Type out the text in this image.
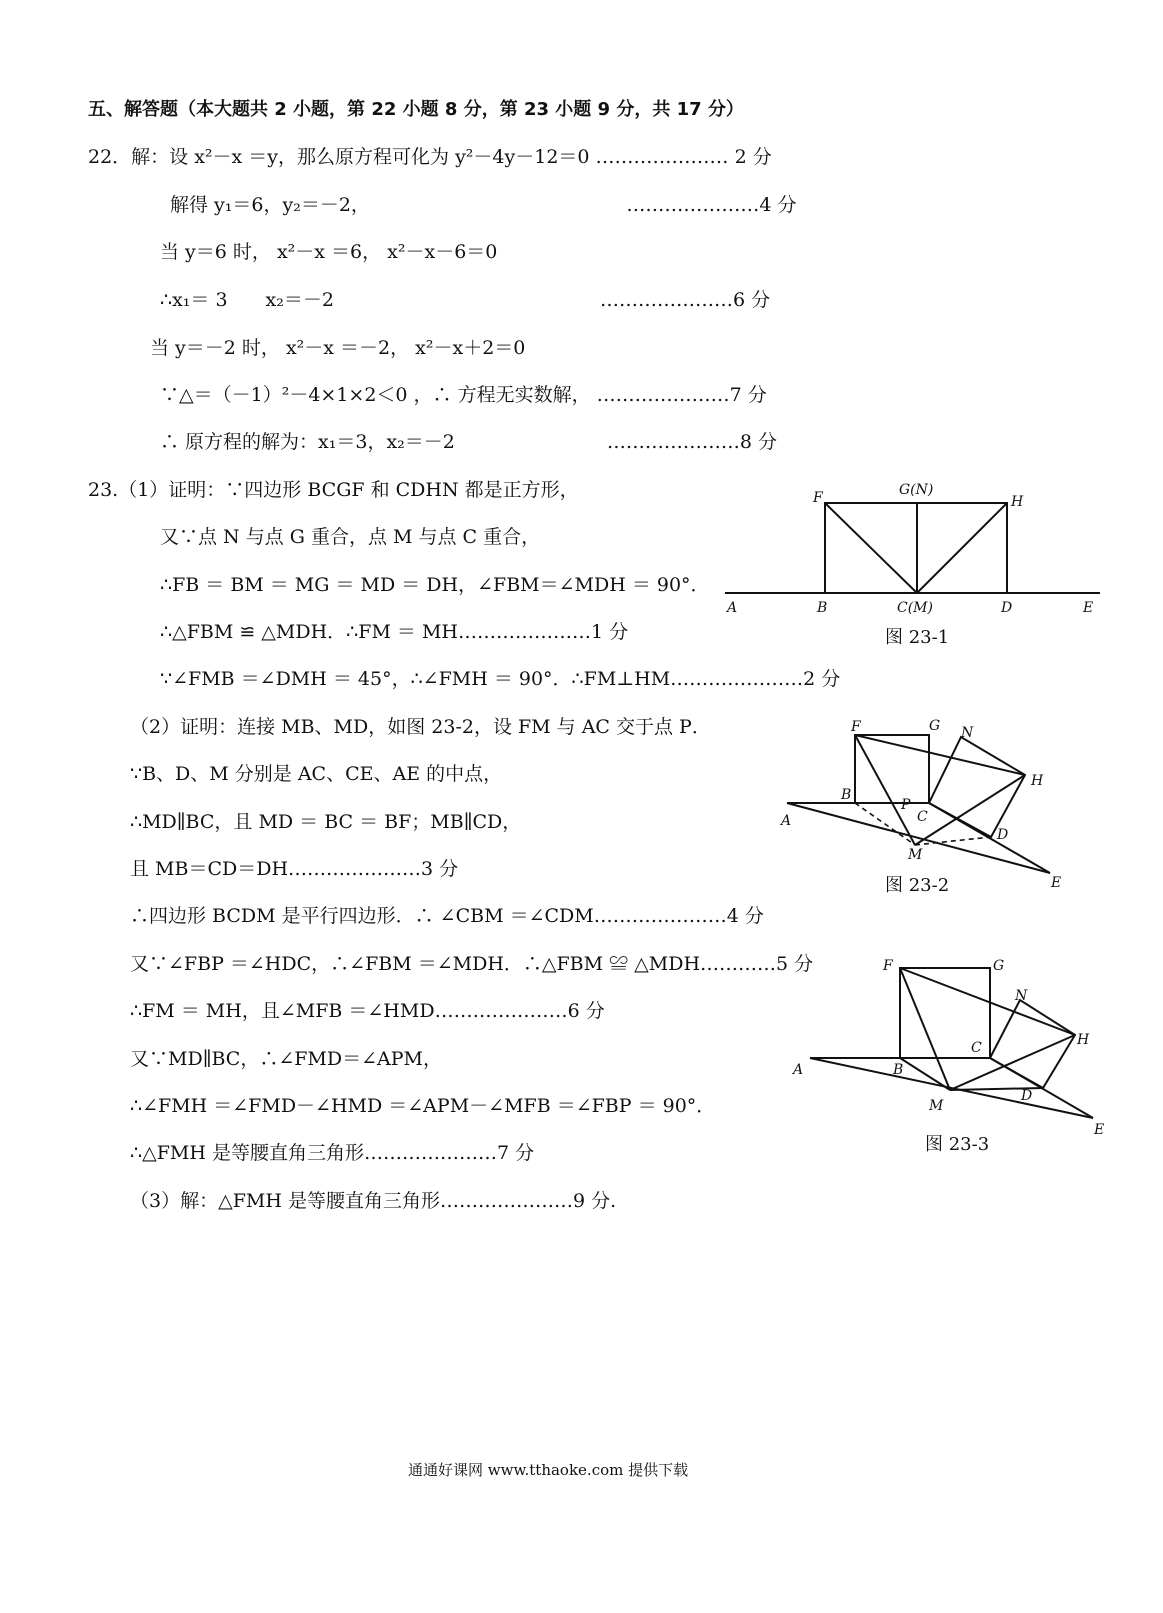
五、解答题（本大题共 2 小题，第 22 小题 8 分，第 23 小题 9 分，共 17 分）
22．解：设 x²－x ＝y，那么原方程可化为 y²－4y－12＝0 ………………… 2 分
解得 y₁＝6，y₂＝－2，　　　　　　　　　　　　　　…………………4 分
当 y＝6 时， x²－x ＝6， x²－x－6＝0
∴x₁＝ 3　　x₂＝－2　　　　　　　　　　　　　　…………………6 分
当 y＝－2 时， x²－x ＝－2， x²－x＋2＝0
∵△＝（－1）²－4×1×2＜0 ，∴ 方程无实数解， …………………7 分
∴ 原方程的解为：x₁＝3，x₂＝－2　　　　　　　　…………………8 分
23.（1）证明：∵四边形 BCGF 和 CDHN 都是正方形，
又∵点 N 与点 G 重合，点 M 与点 C 重合，
∴FB ＝ BM ＝ MG ＝ MD ＝ DH，∠FBM＝∠MDH ＝ 90°．
∴△FBM ≌ △MDH．∴FM ＝ MH…………………1 分
∵∠FMB ＝∠DMH ＝ 45°，∴∠FMH ＝ 90°．∴FM⊥HM…………………2 分
（2）证明：连接 MB、MD，如图 23-2，设 FM 与 AC 交于点 P．
∵B、D、M 分别是 AC、CE、AE 的中点，
∴MD∥BC，且 MD ＝ BC ＝ BF；MB∥CD，
且 MB＝CD＝DH…………………3 分
∴四边形 BCDM 是平行四边形．∴ ∠CBM ＝∠CDM…………………4 分
又∵∠FBP ＝∠HDC，∴∠FBM ＝∠MDH．∴△FBM ≌ △MDH…………5 分
∴FM ＝ MH，且∠MFB ＝∠HMD…………………6 分
又∵MD∥BC，∴∠FMD＝∠APM，
∴∠FMH ＝∠FMD－∠HMD ＝∠APM－∠MFB ＝∠FBP ＝ 90°．
∴△FMH 是等腰直角三角形…………………7 分
（3）解：△FMH 是等腰直角三角形…………………9 分.
A	B	C(M)	D	E
F	G(N)
H
图 23-1
A
B
C
D
E
F	G
H
M
N
P
图 23-2
A	B
C
D
E
F	G
H
M
N
图 23-3
通通好课网 www.tthaoke.com 提供下载
